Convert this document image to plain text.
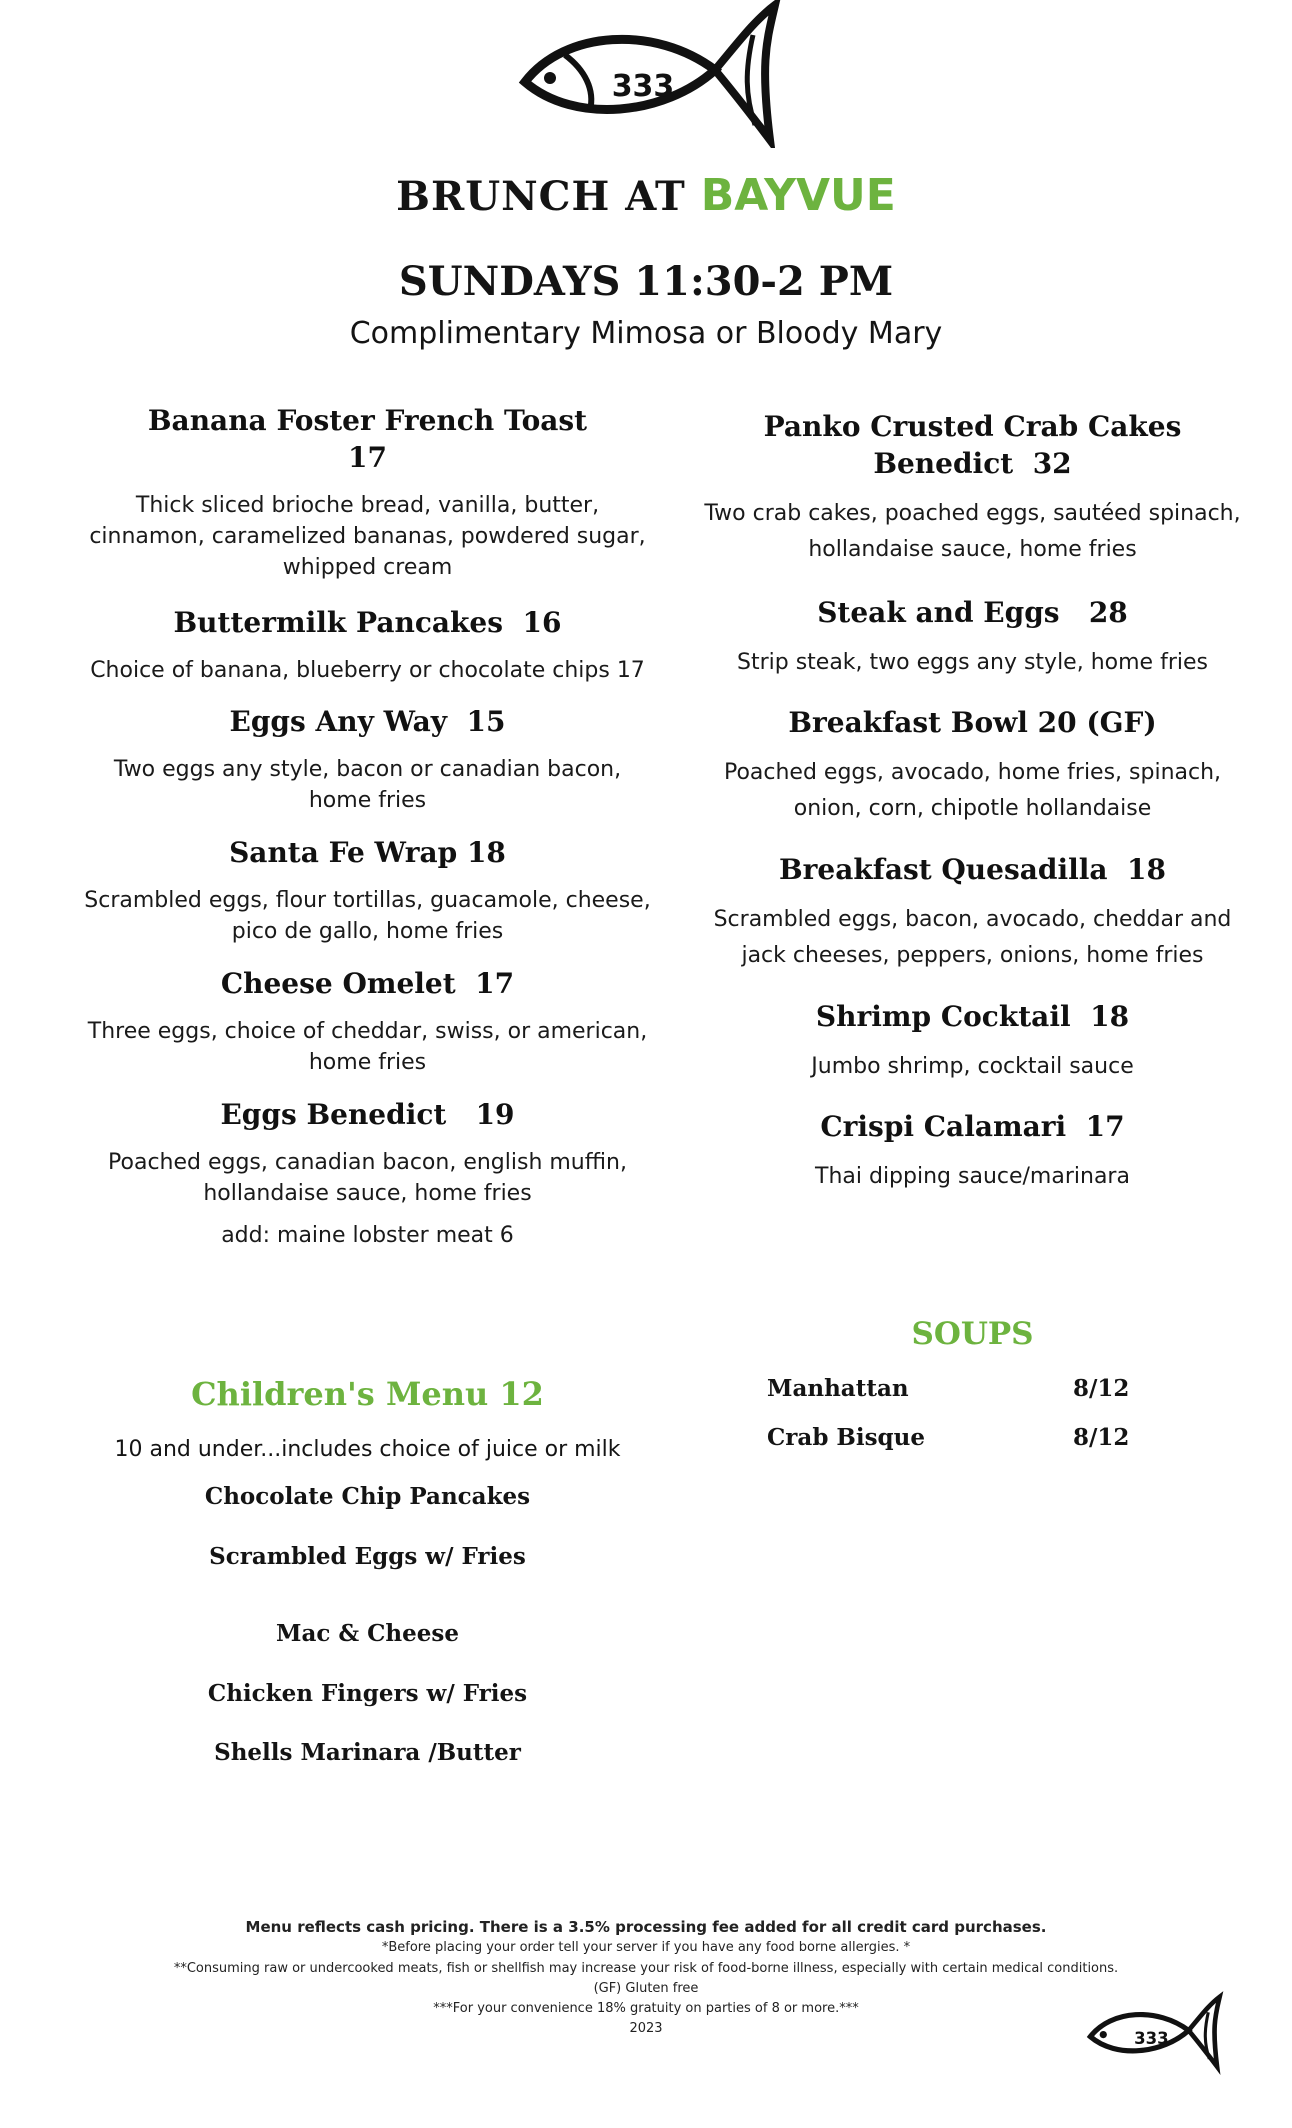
333
BRUNCH AT BAYVUE
SUNDAYS 11:30-2 PM
Complimentary Mimosa or Bloody Mary
Banana Foster French Toast
17
Thick sliced brioche bread, vanilla, butter, cinnamon, caramelized bananas, powdered sugar, whipped cream
Buttermilk Pancakes 16
Choice of banana, blueberry or chocolate chips 17
Eggs Any Way 15
Two eggs any style, bacon or canadian bacon, home fries
Santa Fe Wrap 18
Scrambled eggs, flour tortillas, guacamole, cheese, pico de gallo, home fries
Cheese Omelet 17
Three eggs, choice of cheddar, swiss, or american, home fries
Eggs Benedict 19
Poached eggs, canadian bacon, english muffin, hollandaise sauce, home fries
add: maine lobster meat 6
Panko Crusted Crab Cakes
Benedict 32
Two crab cakes, poached eggs, sautéed spinach, hollandaise sauce, home fries
Steak and Eggs 28
Strip steak, two eggs any style, home fries
Breakfast Bowl 20 (GF)
Poached eggs, avocado, home fries, spinach, onion, corn, chipotle hollandaise
Breakfast Quesadilla 18
Scrambled eggs, bacon, avocado, cheddar and jack cheeses, peppers, onions, home fries
Shrimp Cocktail 18
Jumbo shrimp, cocktail sauce
Crispi Calamari 17
Thai dipping sauce/marinara
SOUPS
Manhattan	8/12
Crab Bisque	8/12
Children's Menu 12
10 and under...includes choice of juice or milk
Chocolate Chip Pancakes
Scrambled Eggs w/ Fries
Mac & Cheese
Chicken Fingers w/ Fries
Shells Marinara /Butter
Menu reflects cash pricing. There is a 3.5% processing fee added for all credit card purchases.
*Before placing your order tell your server if you have any food borne allergies. *
**Consuming raw or undercooked meats, fish or shellfish may increase your risk of food-borne illness, especially with certain medical conditions.
(GF) Gluten free
***For your convenience 18% gratuity on parties of 8 or more.***
2023
333
